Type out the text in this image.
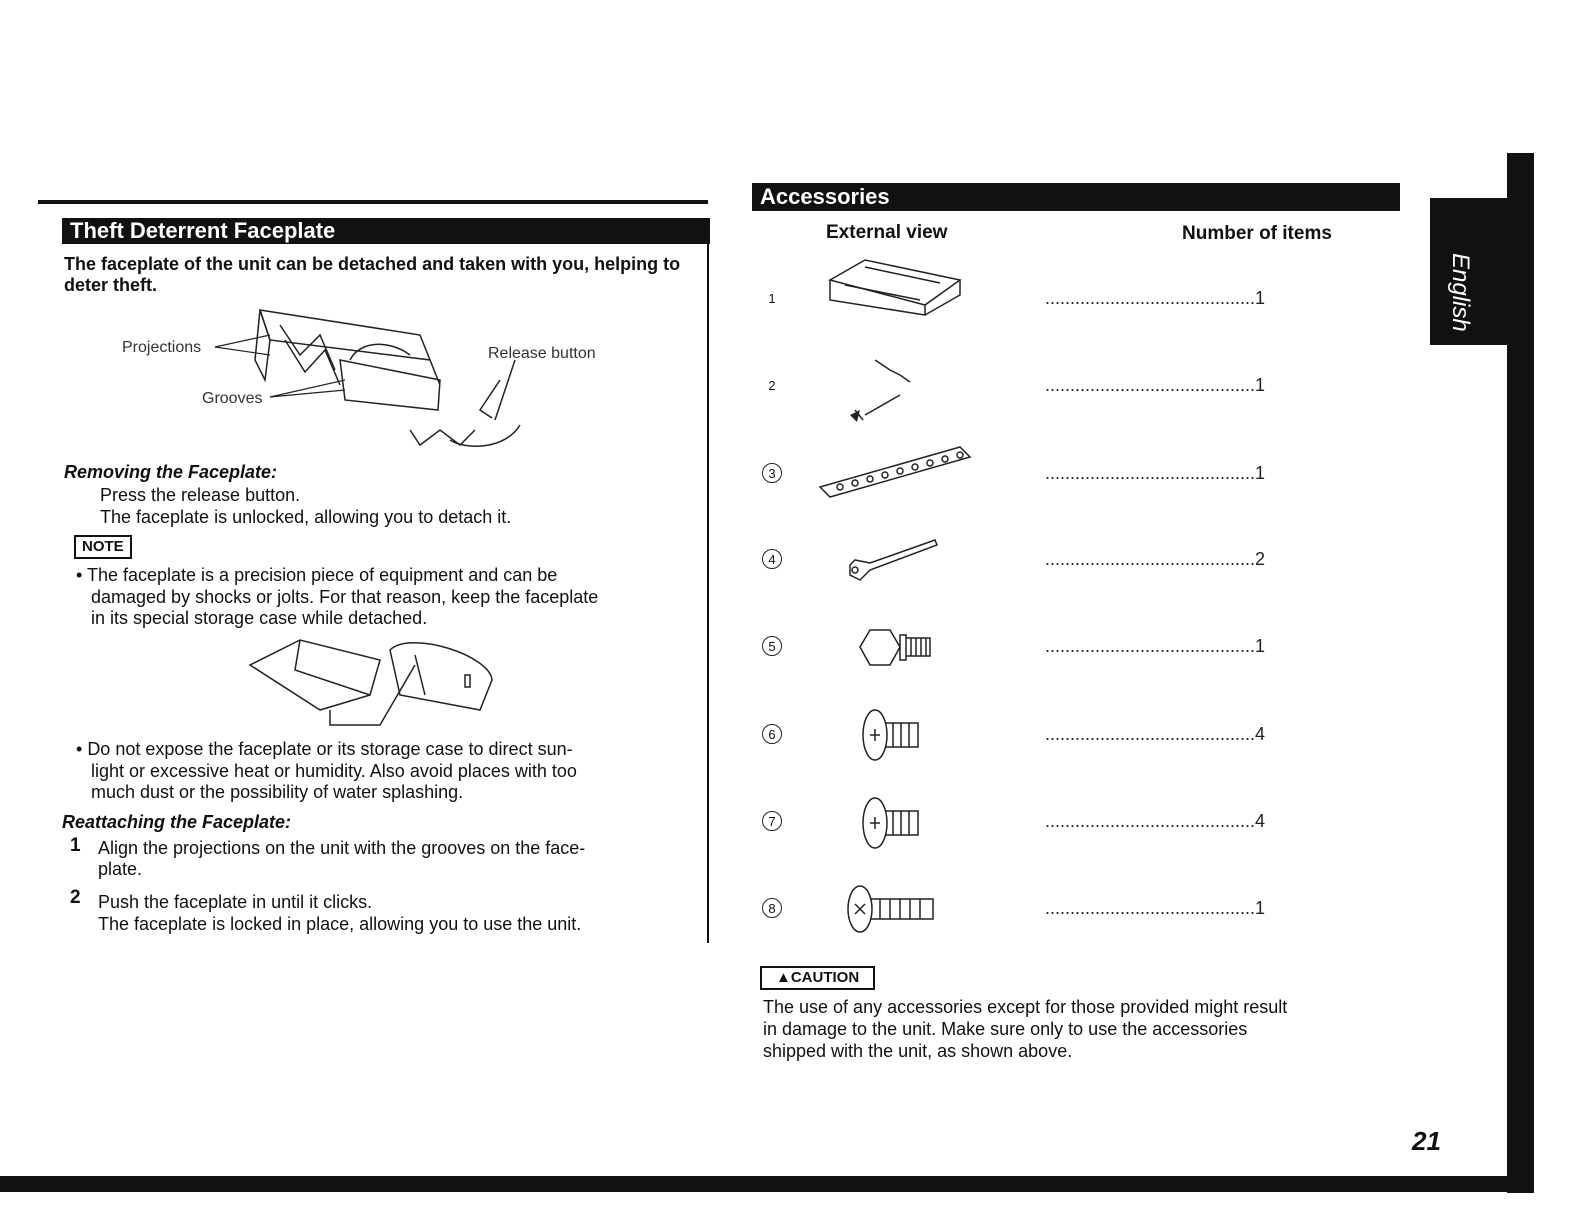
Theft Deterrent Faceplate
The faceplate of the unit can be detached and taken with you, helping to deter theft.
Projections
Grooves
Release button
Removing the Faceplate:
Press the release button.
The faceplate is unlocked, allowing you to detach it.
NOTE
• The faceplate is a precision piece of equipment and can be
damaged by shocks or jolts. For that reason, keep the faceplate
in its special storage case while detached.
• Do not expose the faceplate or its storage case to direct sun-
light or excessive heat or humidity. Also avoid places with too
much dust or the possibility of water splashing.
Reattaching the Faceplate:
1 Align the projections on the unit with the grooves on the face-
plate.
2 Push the faceplate in until it clicks.
The faceplate is locked in place, allowing you to use the unit.
Accessories
External view	Number of items
1
2
3
4
5
6
7
8
..........................................1
..........................................1
..........................................1
..........................................2
..........................................1
..........................................4
..........................................4
..........................................1
▲CAUTION
The use of any accessories except for those provided might result
in damage to the unit. Make sure only to use the accessories
shipped with the unit, as shown above.
English
21
